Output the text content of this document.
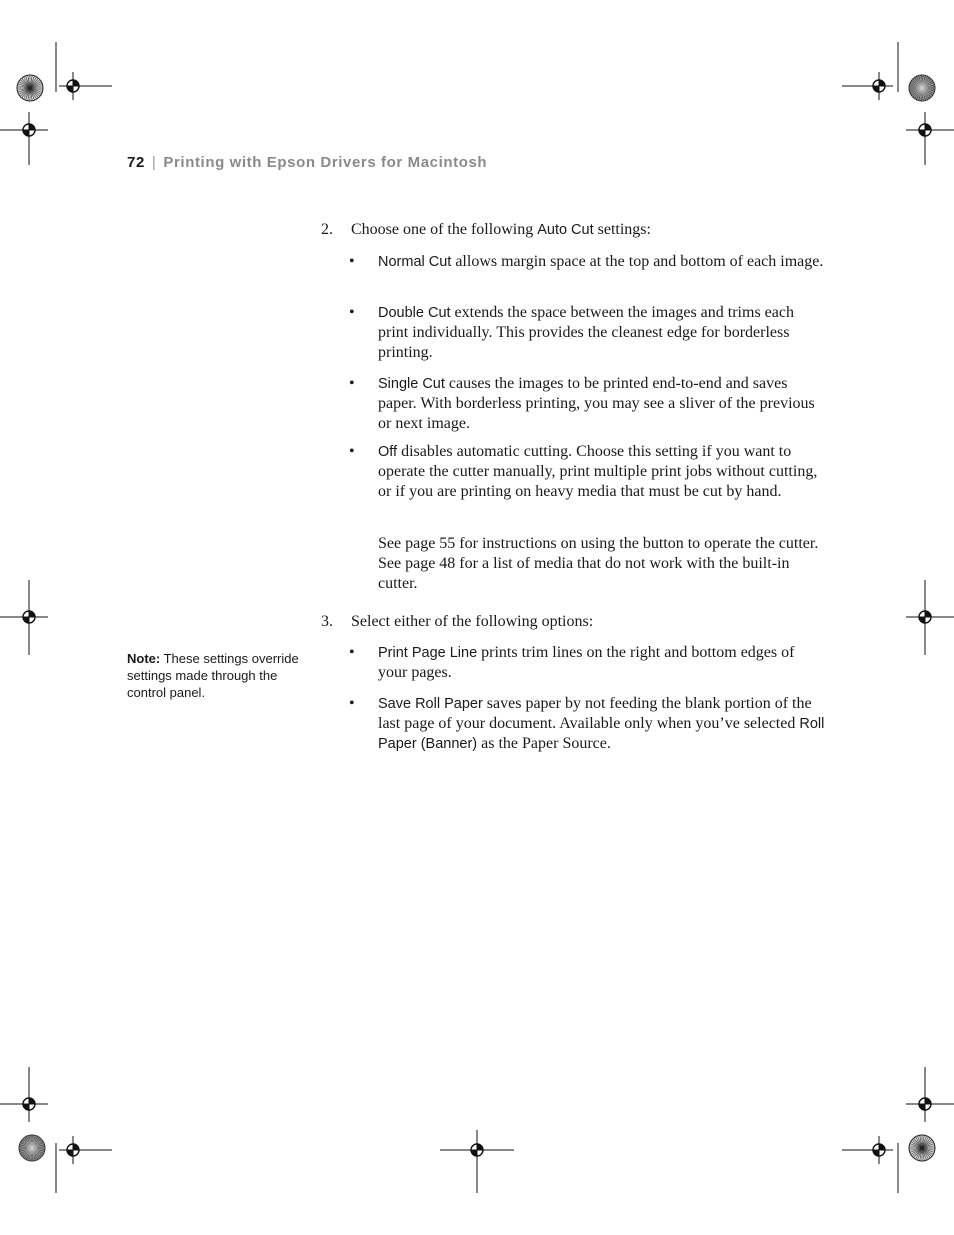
72 | Printing with Epson Drivers for Macintosh
2. Choose one of the following Auto Cut settings:
• Normal Cut allows margin space at the top and bottom of each image.
• Double Cut extends the space between the images and trims each print individually. This provides the cleanest edge for borderless printing.
• Single Cut causes the images to be printed end-to-end and saves paper. With borderless printing, you may see a sliver of the previous or next image.
• Off disables automatic cutting. Choose this setting if you want to operate the cutter manually, print multiple print jobs without cutting, or if you are printing on heavy media that must be cut by hand.
See page 55 for instructions on using the button to operate the cutter. See page 48 for a list of media that do not work with the built-in cutter.
3. Select either of the following options:
• Print Page Line prints trim lines on the right and bottom edges of your pages.
• Save Roll Paper saves paper by not feeding the blank portion of the last page of your document. Available only when you’ve selected Roll Paper (Banner) as the Paper Source.
Note: These settings override settings made through the control panel.
